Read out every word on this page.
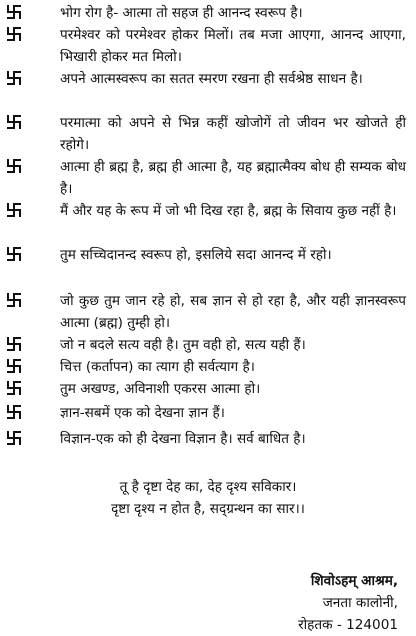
भोग रोग है- आत्मा तो सहज ही आनन्द स्वरूप है।
परमेश्वर को परमेश्वर होकर मिलों। तब मजा आएगा, आनन्द आएगा, भिखारी होकर मत मिलो।
अपने आत्मस्वरूप का सतत स्मरण रखना ही सर्वश्रेष्ठ साधन है।
परमात्मा को अपने से भिन्न कहीं खोजोगें तो जीवन भर खोजते ही रहोगे।
आत्मा ही ब्रह्म है, ब्रह्म ही आत्मा है, यह ब्रह्मात्मैक्य बोध ही सम्यक बोध है।
मैं और यह के रूप में जो भी दिख रहा है, ब्रह्म के सिवाय कुछ नहीं है।
तुम सच्चिदानन्द स्वरूप हो, इसलिये सदा आनन्द में रहो।
जो कुछ तुम जान रहे हो, सब ज्ञान से हो रहा है, और यही ज्ञानस्वरूप आत्मा (ब्रह्म) तुम्ही हो।
जो न बदले सत्य वही है। तुम वही हो, सत्य यही हैं।
चित्त (कर्तापन) का त्याग ही सर्वत्याग है।
तुम अखण्ड, अविनाशी एकरस आत्मा हो।
ज्ञान-सबमें एक को देखना ज्ञान हैं।
विज्ञान-एक को ही देखना विज्ञान है। सर्व बाधित है।
तू है दृष्टा देह का, देह दृश्य सविकार।
दृष्टा दृश्य न होत है, सद्ग्रन्थन का सार।।
शिवोऽहम् आश्रम,
जनता कालोनी,
रोहतक - 124001
